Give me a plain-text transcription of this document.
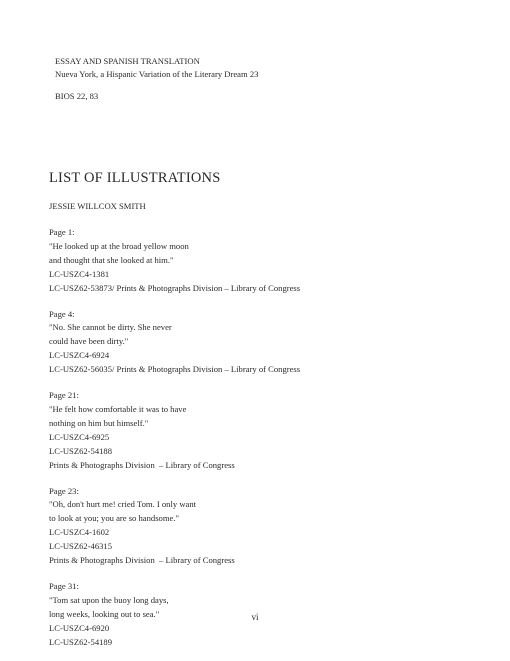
ESSAY AND SPANISH TRANSLATION
Nueva York, a Hispanic Variation of the Literary Dream 23
BIOS 22, 83
LIST OF ILLUSTRATIONS
JESSIE WILLCOX SMITH
Page 1:
"He looked up at the broad yellow moon
and thought that she looked at him."
LC-USZC4-1381
LC-USZ62-53873/ Prints & Photographs Division – Library of Congress
Page 4:
"No. She cannot be dirty. She never
could have been dirty."
LC-USZC4-6924
LC-USZ62-56035/ Prints & Photographs Division – Library of Congress
Page 21:
"He felt how comfortable it was to have
nothing on him but himself."
LC-USZC4-6925
LC-USZ62-54188
Prints & Photographs Division  – Library of Congress
Page 23:
"Oh, don't hurt me! cried Tom. I only want
to look at you; you are so handsome."
LC-USZC4-1602
LC-USZ62-46315
Prints & Photographs Division  – Library of Congress
Page 31:
"Tom sat upon the buoy long days,
long weeks, looking out to sea."
LC-USZC4-6920
LC-USZ62-54189
vi
